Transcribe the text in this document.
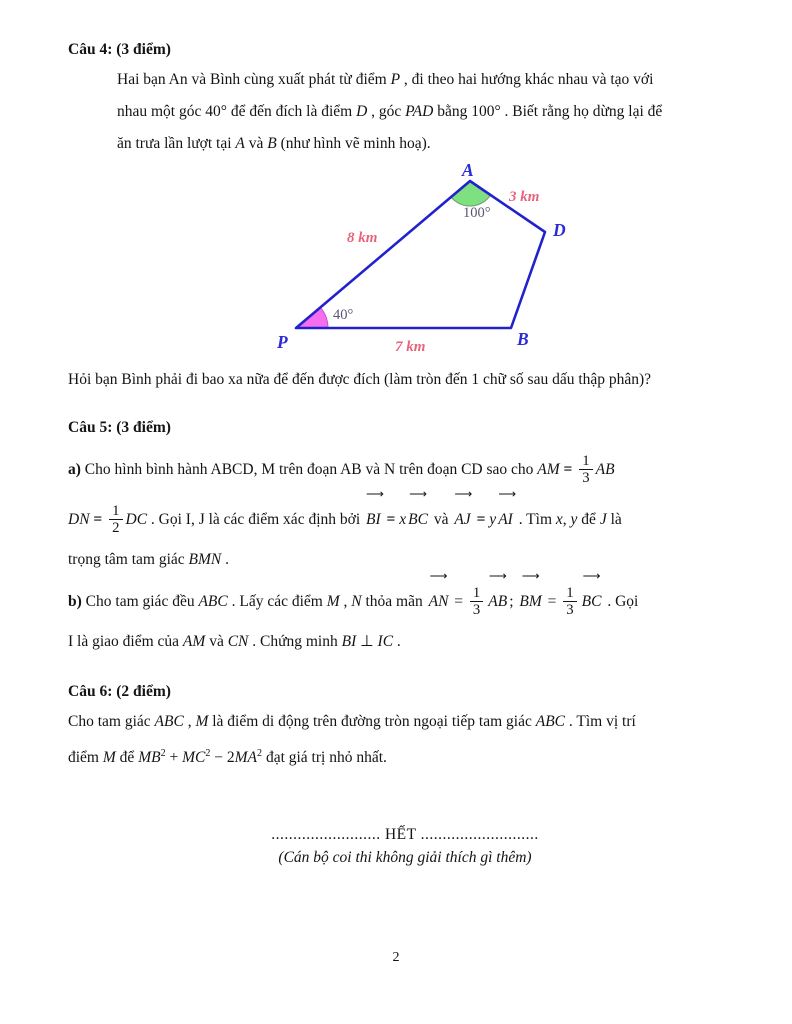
Câu 4: (3 điểm)

Hai bạn An và Bình cùng xuất phát từ điểm P , đi theo hai hướng khác nhau và tạo với

nhau một góc 40° để đến đích là điểm D , góc PAD bằng 100° . Biết rằng họ dừng lại để

ăn trưa lần lượt tại A và B (như hình vẽ minh hoạ).

A
D
B
P
8 km
3 km
7 km
100°
40°

Hỏi bạn Bình phải đi bao xa nữa để đến được đích (làm tròn đến 1 chữ số sau dấu thập phân)?

Câu 5: (3 điểm)

a) Cho hình bình hành ABCD, M trên đoạn AB và N trên đoạn CD sao cho AM = $\frac{1}{3}$ AB

DN = $\frac{1}{2}$ DC . Gọi I, J là các điểm xác định bởi
⟶
BI = x
⟶
BC và
⟶
AJ = y
⟶
AI . Tìm x, y để J là

trọng tâm tam giác BMN .

b) Cho tam giác đều ABC . Lấy các điểm M , N thỏa mãn
⟶
AN = $\frac{1}{3}$
⟶
AB ;
⟶
BM = $\frac{1}{3}$
⟶
BC . Gọi

I là giao điểm của AM và CN . Chứng minh BI ⊥ IC .

Câu 6: (2 điểm)

Cho tam giác ABC , M là điểm di động trên đường tròn ngoại tiếp tam giác ABC . Tìm vị trí

điểm M để $MB^2 + MC^2 - 2MA^2$ đạt giá trị nhỏ nhất.

......................... HẾT ...........................
(Cán bộ coi thi không giải thích gì thêm)
2
